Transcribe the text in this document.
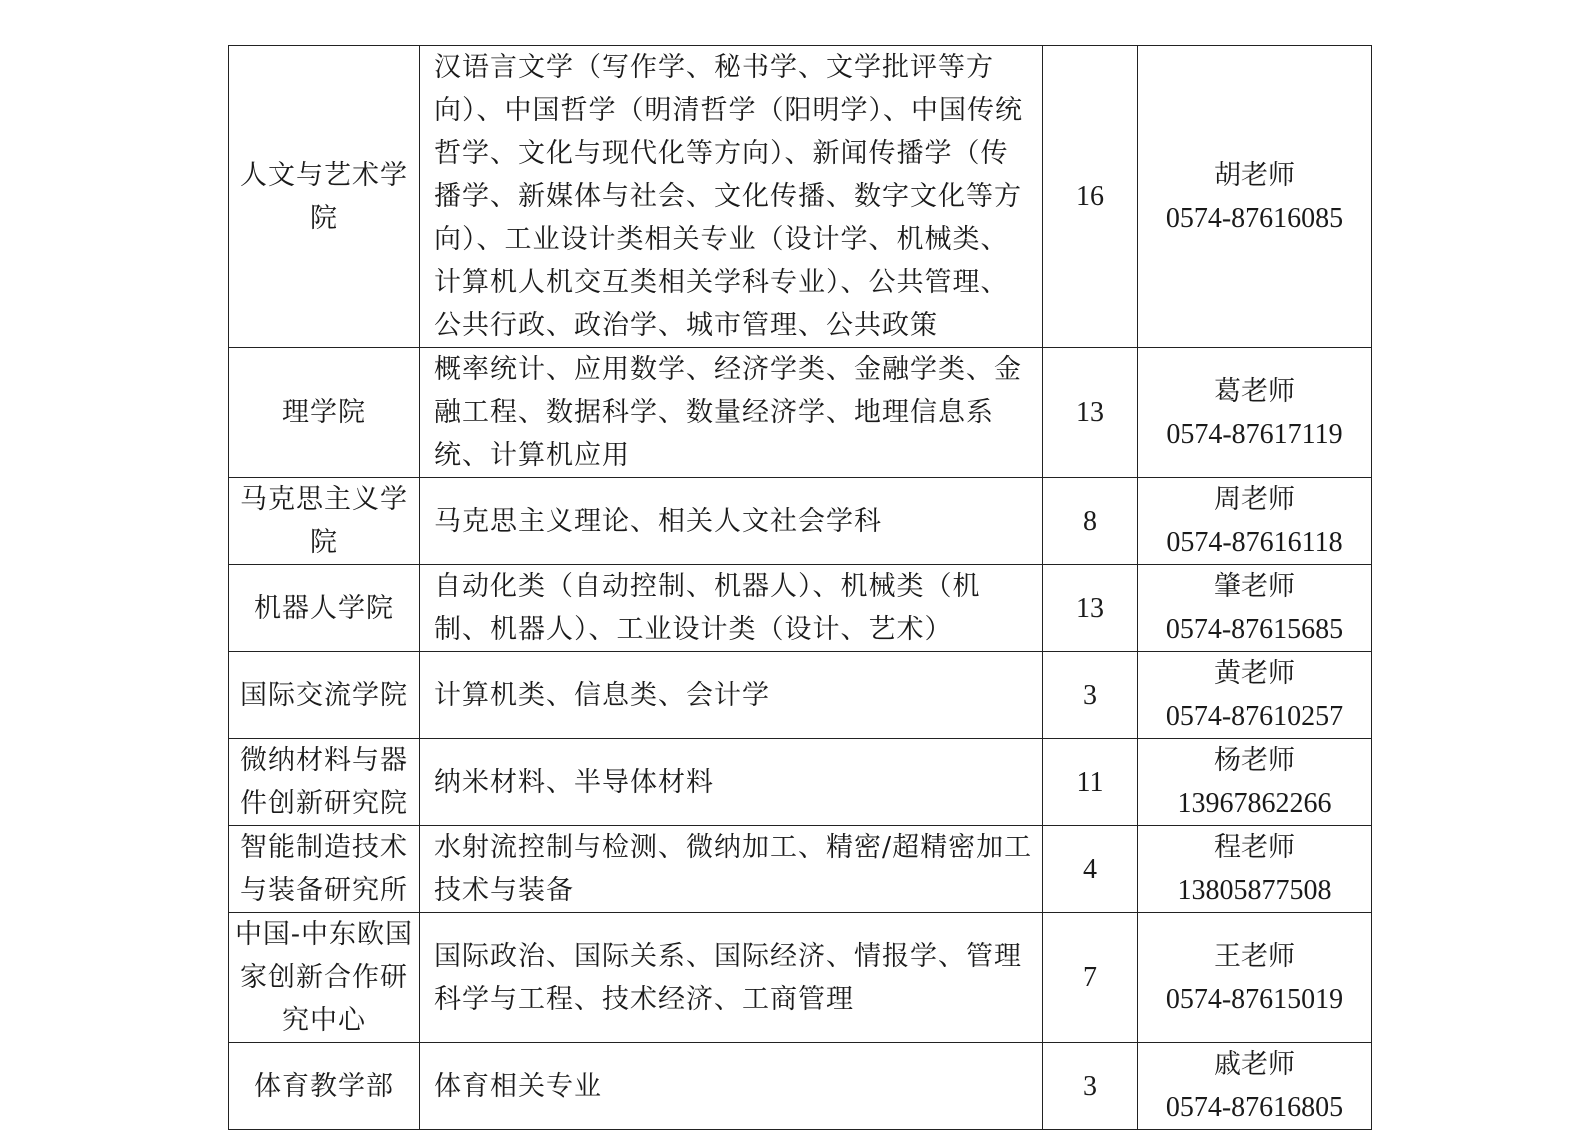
人文与艺术学院	汉语言文学（写作学、秘书学、文学批评等方向）、中国哲学（明清哲学（阳明学）、中国传统哲学、文化与现代化等方向）、新闻传播学（传播学、新媒体与社会、文化传播、数字文化等方向）、工业设计类相关专业（设计学、机械类、计算机人机交互类相关学科专业）、公共管理、公共行政、政治学、城市管理、公共政策	16	胡老师
0574-87616085

理学院	概率统计、应用数学、经济学类、金融学类、金融工程、数据科学、数量经济学、地理信息系统、计算机应用	13	葛老师
0574-87617119

马克思主义学院	马克思主义理论、相关人文社会学科	8	周老师
0574-87616118

机器人学院	自动化类（自动控制、机器人）、机械类（机制、机器人）、工业设计类（设计、艺术）	13	肇老师
0574-87615685

国际交流学院	计算机类、信息类、会计学	3	黄老师
0574-87610257

微纳材料与器件创新研究院	纳米材料、半导体材料	11	杨老师
13967862266

智能制造技术与装备研究所	水射流控制与检测、微纳加工、精密/超精密加工技术与装备	4	程老师
13805877508

中国-中东欧国家创新合作研究中心	国际政治、国际关系、国际经济、情报学、管理科学与工程、技术经济、工商管理	7	王老师
0574-87615019

体育教学部	体育相关专业	3	戚老师
0574-87616805
